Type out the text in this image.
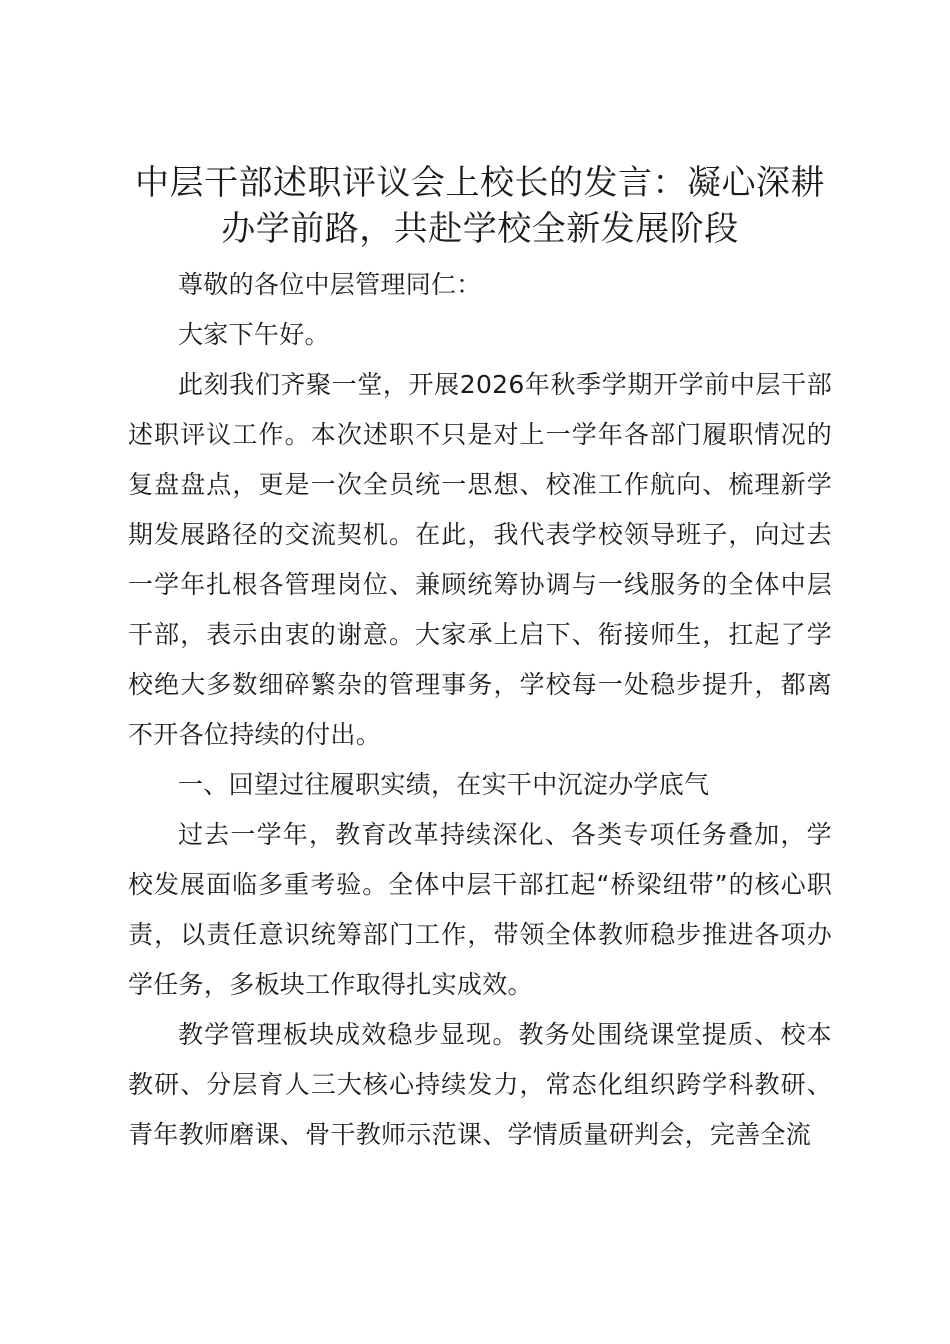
中层干部述职评议会上校长的发言：凝心深耕
办学前路，共赴学校全新发展阶段

尊敬的各位中层管理同仁：

大家下午好。

此刻我们齐聚一堂，开展2026年秋季学期开学前中层干部述职评议工作。本次述职不只是对上一学年各部门履职情况的复盘盘点，更是一次全员统一思想、校准工作航向、梳理新学期发展路径的交流契机。在此，我代表学校领导班子，向过去一学年扎根各管理岗位、兼顾统筹协调与一线服务的全体中层干部，表示由衷的谢意。大家承上启下、衔接师生，扛起了学校绝大多数细碎繁杂的管理事务，学校每一处稳步提升，都离不开各位持续的付出。

一、回望过往履职实绩，在实干中沉淀办学底气

过去一学年，教育改革持续深化、各类专项任务叠加，学校发展面临多重考验。全体中层干部扛起“桥梁纽带”的核心职责，以责任意识统筹部门工作，带领全体教师稳步推进各项办学任务，多板块工作取得扎实成效。

教学管理板块成效稳步显现。教务处围绕课堂提质、校本教研、分层育人三大核心持续发力，常态化组织跨学科教研、青年教师磨课、骨干教师示范课、学情质量研判会，完善全流
